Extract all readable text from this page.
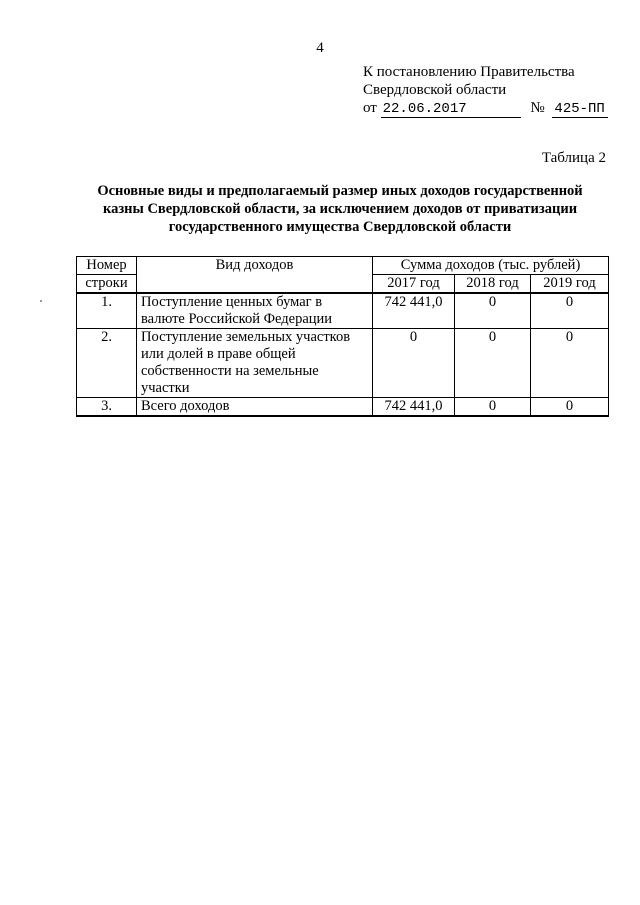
4
К постановлению Правительства
Свердловской области
от 22.06.2017	№ 425-ПП
Таблица 2
Основные виды и предполагаемый размер иных доходов государственной
казны Свердловской области, за исключением доходов от приватизации
государственного имущества Свердловской области
Номер	Вид доходов	Сумма доходов (тыс. рублей)		
строки		2017 год	2018 год	2019 год
1.	Поступление ценных бумаг в
валюте Российской Федерации	742 441,0	0	0
2.	Поступление земельных участков
или долей в праве общей
собственности на земельные
участки	0	0	0
3.	Всего доходов	742 441,0	0	0
